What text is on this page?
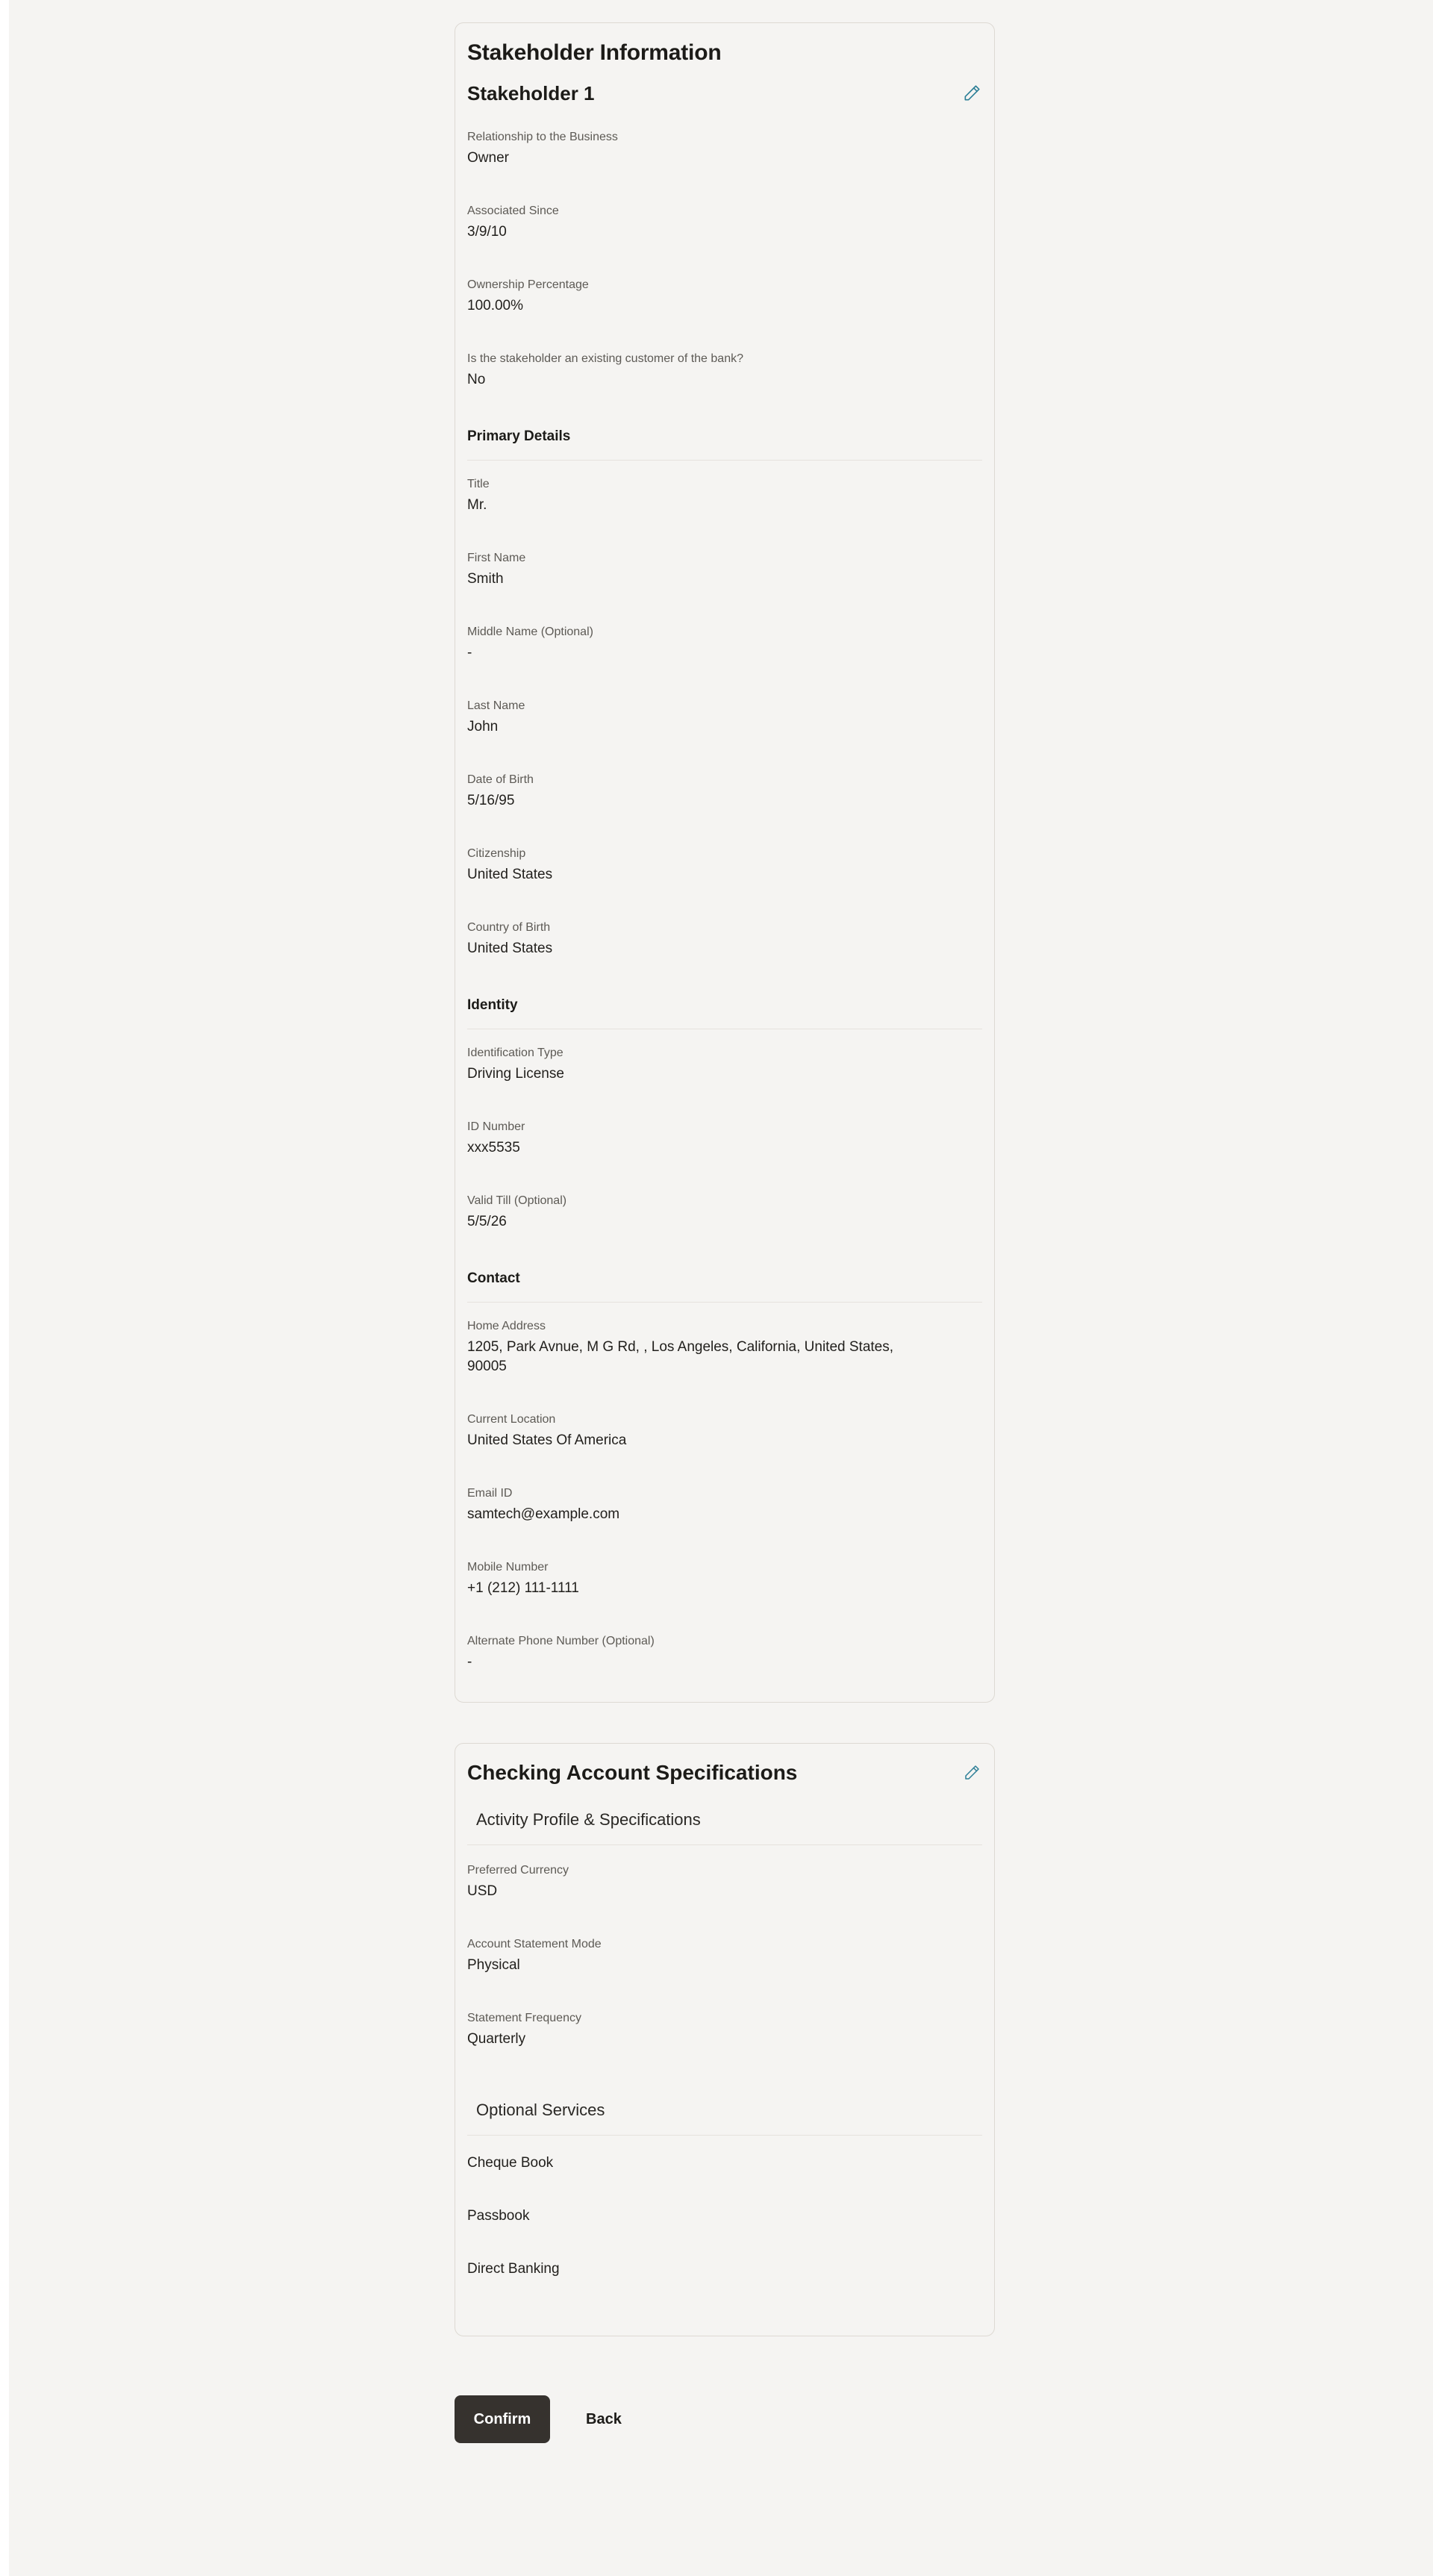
Stakeholder Information
Stakeholder 1
Relationship to the Business
Owner
Associated Since
3/9/10
Ownership Percentage
100.00%
Is the stakeholder an existing customer of the bank?
No
Primary Details
Title
Mr.
First Name
Smith
Middle Name (Optional)
-
Last Name
John
Date of Birth
5/16/95
Citizenship
United States
Country of Birth
United States
Identity
Identification Type
Driving License
ID Number
xxx5535
Valid Till (Optional)
5/5/26
Contact
Home Address
1205, Park Avnue, M G Rd, , Los Angeles, California, United States, 90005
Current Location
United States Of America
Email ID
samtech@example.com
Mobile Number
+1 (212) 111-1111
Alternate Phone Number (Optional)
-
Checking Account Specifications
Activity Profile & Specifications
Preferred Currency
USD
Account Statement Mode
Physical
Statement Frequency
Quarterly
Optional Services
Cheque Book
Passbook
Direct Banking
Confirm	Back
